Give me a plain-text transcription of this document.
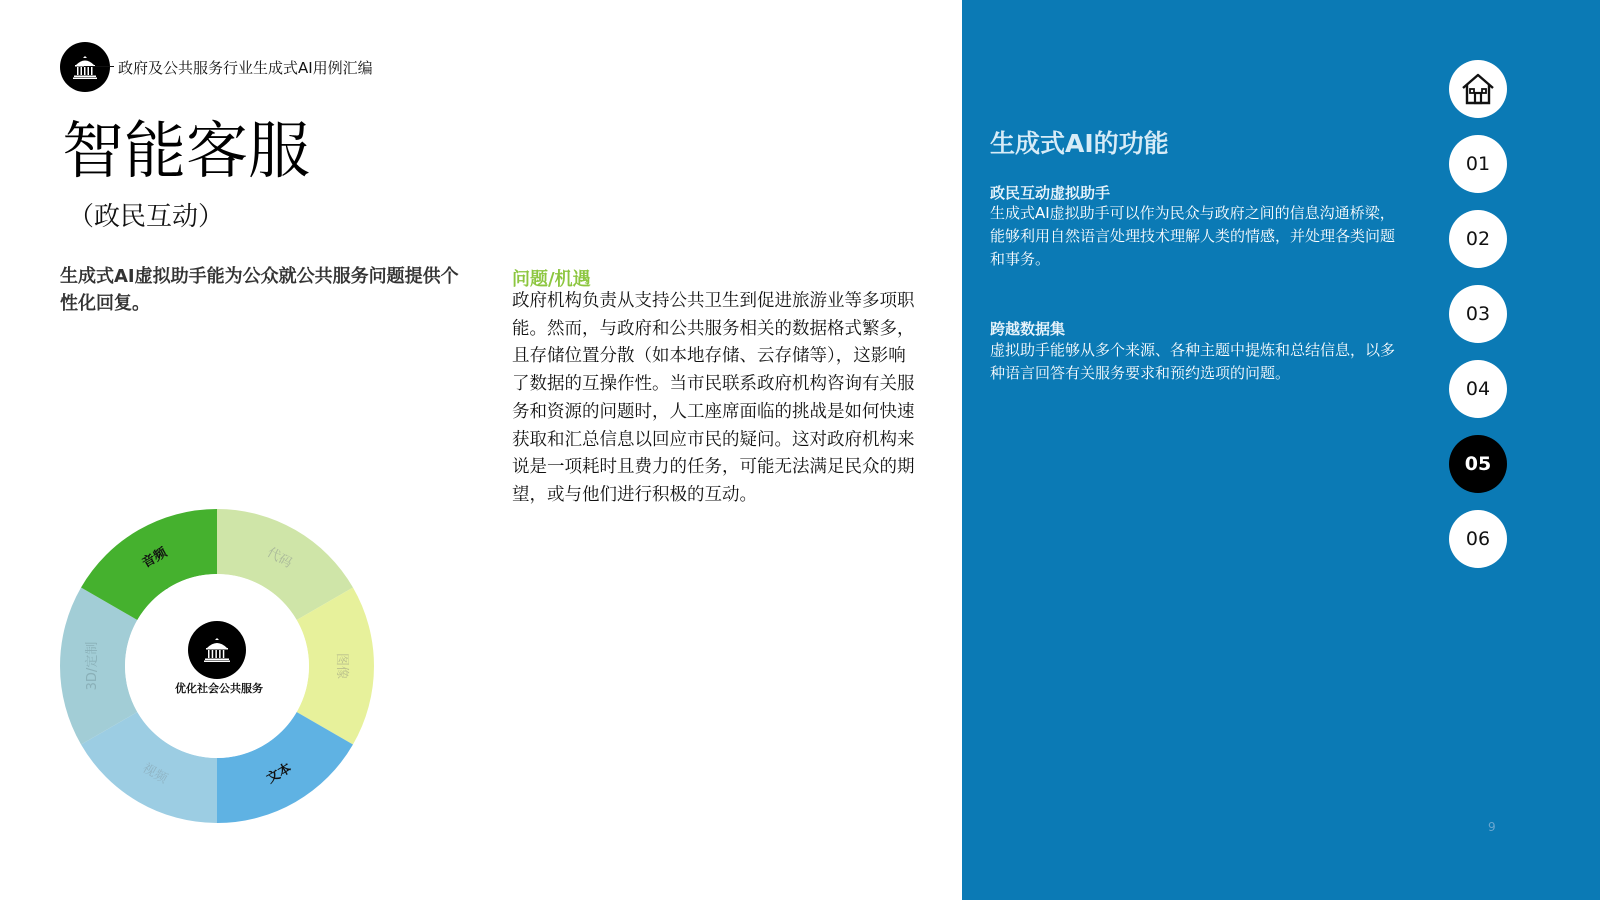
政府及公共服务行业生成式AI用例汇编
智能客服
（政民互动）
生成式AI虚拟助手能为公众就公共服务问题提供个性化回复。
问题/机遇
政府机构负责从支持公共卫生到促进旅游业等多项职能。然而，与政府和公共服务相关的数据格式繁多，且存储位置分散（如本地存储、云存储等），这影响了数据的互操作性。当市民联系政府机构咨询有关服务和资源的问题时，人工座席面临的挑战是如何快速获取和汇总信息以回应市民的疑问。这对政府机构来说是一项耗时且费力的任务，可能无法满足民众的期望，或与他们进行积极的互动。
代码
图像
文本
视频
3D/定制
音频
优化社会公共服务
生成式AI的功能
政民互动虚拟助手
生成式AI虚拟助手可以作为民众与政府之间的信息沟通桥梁，能够利用自然语言处理技术理解人类的情感，并处理各类问题和事务。
跨越数据集
虚拟助手能够从多个来源、各种主题中提炼和总结信息，以多种语言回答有关服务要求和预约选项的问题。
01
02
03
04
05
06
9
